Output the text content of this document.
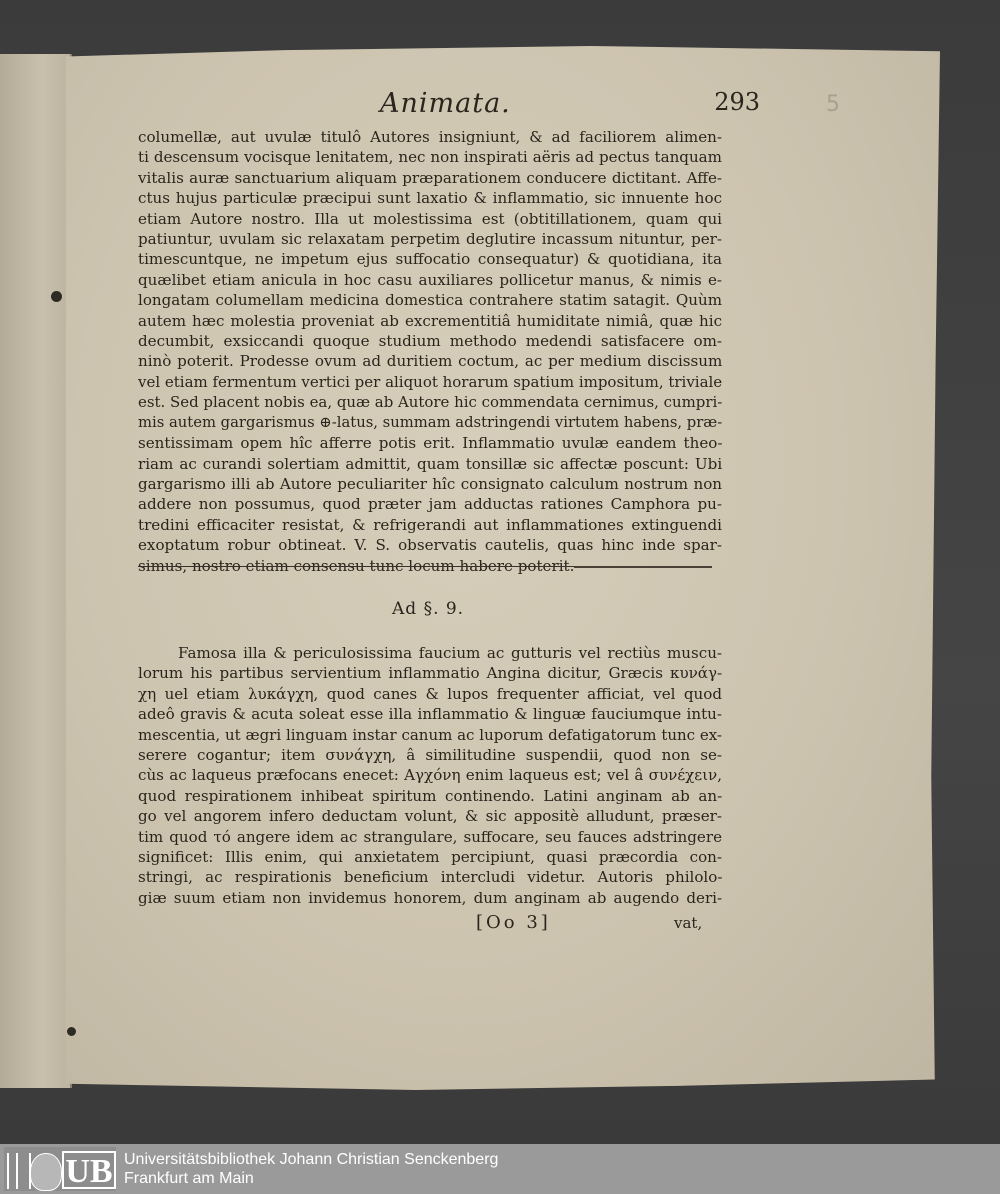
5
Animata.	293
columellæ, aut uvulæ titulô Autores insigniunt, & ad faciliorem alimen-
ti descensum vocisque lenitatem, nec non inspirati aëris ad pectus tanquam
vitalis auræ sanctuarium aliquam præparationem conducere dictitant. Affe-
ctus hujus particulæ præcipui sunt laxatio & inflammatio, sic innuente hoc
etiam Autore nostro. Illa ut molestissima est (obtitillationem, quam qui
patiuntur, uvulam sic relaxatam perpetim deglutire incassum nituntur, per-
timescuntque, ne impetum ejus suffocatio consequatur) & quotidiana, ita
quælibet etiam anicula in hoc casu auxiliares pollicetur manus, & nimis e-
longatam columellam medicina domestica contrahere statim satagit. Quùm
autem hæc molestia proveniat ab excrementitiâ humiditate nimiâ, quæ hic
decumbit, exsiccandi quoque studium methodo medendi satisfacere om-
ninò poterit. Prodesse ovum ad duritiem coctum, ac per medium discissum
vel etiam fermentum vertici per aliquot horarum spatium impositum, triviale
est. Sed placent nobis ea, quæ ab Autore hic commendata cernimus, cumpri-
mis autem gargarismus ⊕-latus, summam adstringendi virtutem habens, præ-
sentissimam opem hîc afferre potis erit. Inflammatio uvulæ eandem theo-
riam ac curandi solertiam admittit, quam tonsillæ sic affectæ poscunt: Ubi
gargarismo illi ab Autore peculiariter hîc consignato calculum nostrum non
addere non possumus, quod præter jam adductas rationes Camphora pu-
tredini efficaciter resistat, & refrigerandi aut inflammationes extinguendi
exoptatum robur obtineat. V. S. observatis cautelis, quas hinc inde spar-
simus, nostro etiam consensu tunc locum habere poterit.
Ad §. 9.
Famosa illa & periculosissima faucium ac gutturis vel rectiùs muscu-
lorum his partibus servientium inflammatio Angina dicitur, Græcis κυνάγ-
χη uel etiam λυκάγχη, quod canes & lupos frequenter afficiat, vel quod
adeô gravis & acuta soleat esse illa inflammatio & linguæ fauciumque intu-
mescentia, ut ægri linguam instar canum ac luporum defatigatorum tunc ex-
serere cogantur; item συνάγχη, â similitudine suspendii, quod non se-
cùs ac laqueus præfocans enecet: Αγχόνη enim laqueus est; vel â συνέχειν,
quod respirationem inhibeat spiritum continendo. Latini anginam ab an-
go vel angorem infero deductam volunt, & sic appositè alludunt, præser-
tim quod τό angere idem ac strangulare, suffocare, seu fauces adstringere
significet: Illis enim, qui anxietatem percipiunt, quasi præcordia con-
stringi, ac respirationis beneficium intercludi videtur. Autoris philolo-
giæ suum etiam non invidemus honorem, dum anginam ab augendo deri-
[Oo 3]	vat,
UB Universitätsbibliothek Johann Christian Senckenberg
Frankfurt am Main
